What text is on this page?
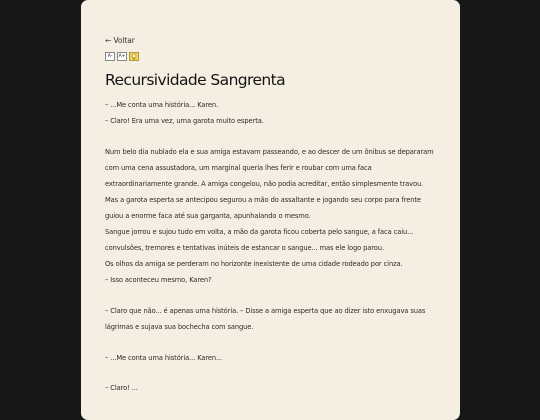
← Voltar
A-	A+
Recursividade Sangrenta

– ...Me conta uma história... Karen.

– Claro! Era uma vez, uma garota muito esperta.

Num belo dia nublado ela e sua amiga estavam passeando, e ao descer de um ônibus se depararam

com uma cena assustadora, um marginal queria lhes ferir e roubar com uma faca

extraordinariamente grande. A amiga congelou, não podia acreditar, então simplesmente travou.

Mas a garota esperta se antecipou segurou a mão do assaltante e jogando seu corpo para frente

guiou a enorme faca até sua garganta, apunhalando o mesmo.

Sangue jorrou e sujou tudo em volta, a mão da garota ficou coberta pelo sangue, a faca caiu...

convulsões, tremores e tentativas inúteis de estancar o sangue... mas ele logo parou.

Os olhos da amiga se perderam no horizonte inexistente de uma cidade rodeado por cinza.

– Isso aconteceu mesmo, Karen?

– Claro que não... é apenas uma história. – Disse a amiga esperta que ao dizer isto enxugava suas

lágrimas e sujava sua bochecha com sangue.

– ...Me conta uma história... Karen...

– Claro! ...
